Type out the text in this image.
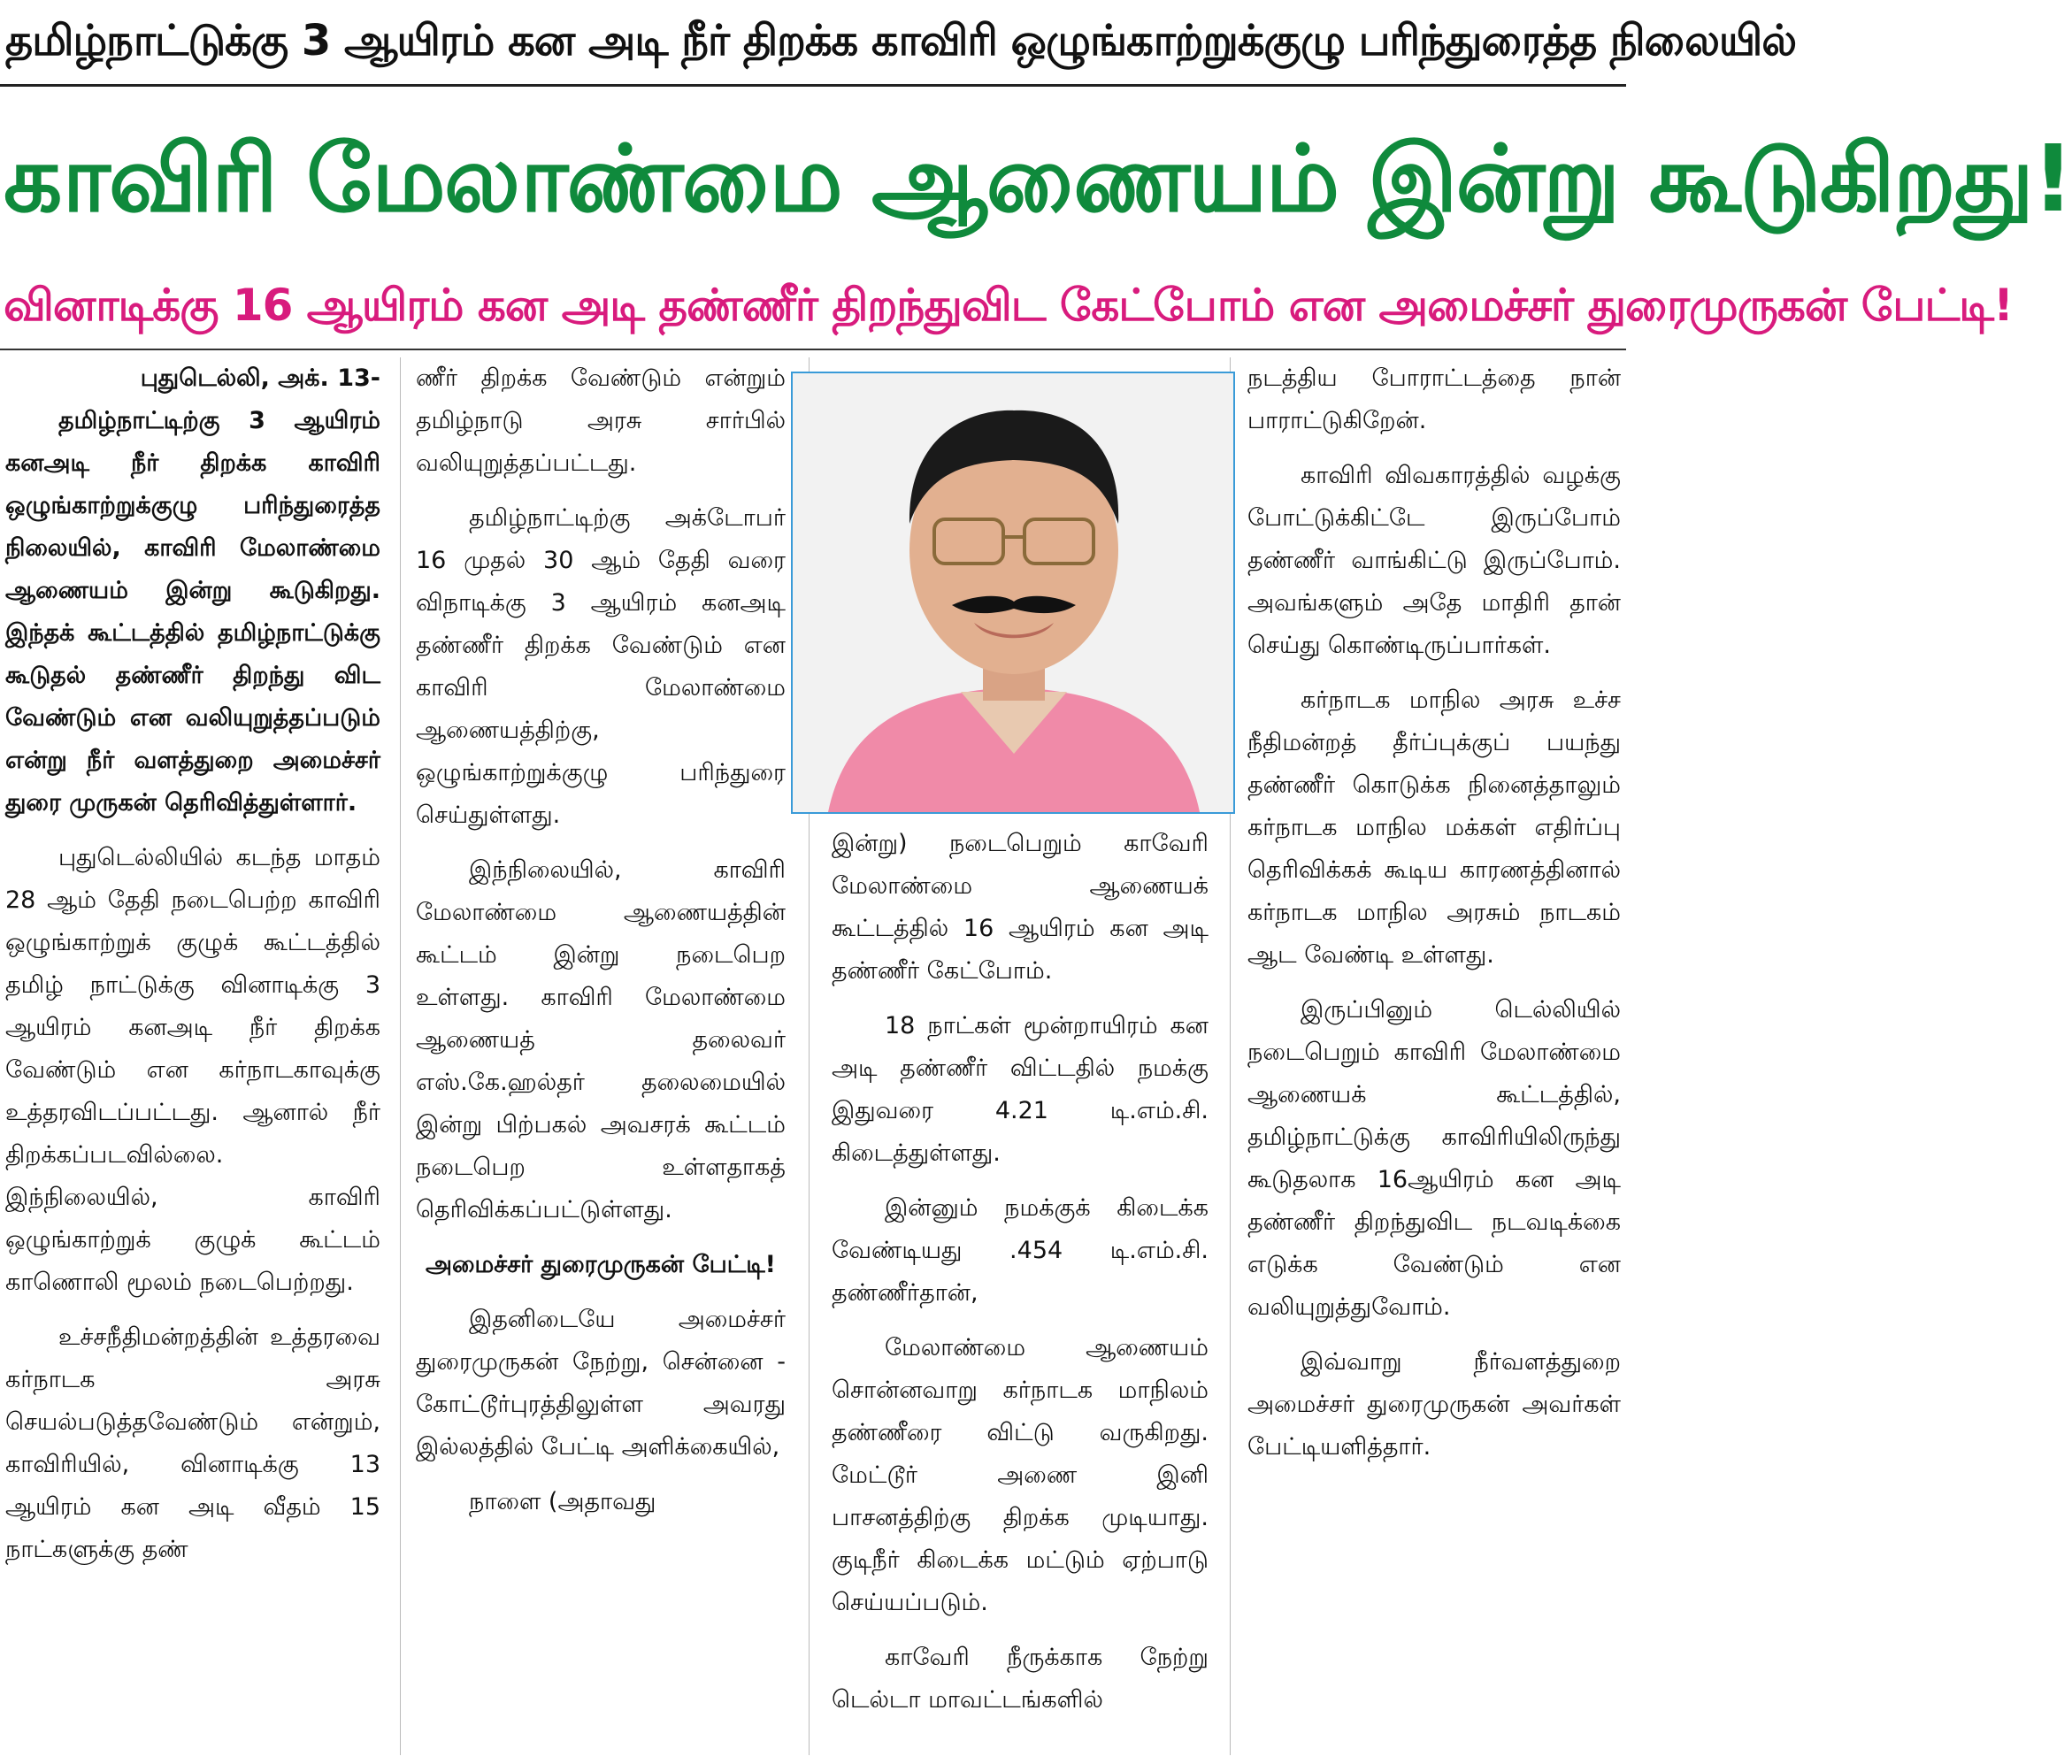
தமிழ்நாட்டுக்கு 3 ஆயிரம் கன அடி நீர் திறக்க காவிரி ஒழுங்காற்றுக்குழு பரிந்துரைத்த நிலையில்
காவிரி மேலாண்மை ஆணையம் இன்று கூடுகிறது!
வினாடிக்கு 16 ஆயிரம் கன அடி தண்ணீர் திறந்துவிட கேட்போம் என அமைச்சர் துரைமுருகன் பேட்டி!

புதுடெல்லி, அக். 13-

தமிழ்நாட்டிற்கு 3 ஆயிரம் கனஅடி நீர் திறக்க காவிரி ஒழுங்காற்றுக்குழு பரிந்துரைத்த நிலையில், காவிரி மேலாண்மை ஆணையம் இன்று கூடுகிறது. இந்தக் கூட்டத்தில் தமிழ்நாட்டுக்கு கூடுதல் தண்ணீர் திறந்து விட வேண்டும் என வலியுறுத்தப்படும் என்று நீர் வளத்துறை அமைச்சர் துரை முருகன் தெரிவித்துள்ளார்.

புதுடெல்லியில் கடந்த மாதம் 28 ஆம் தேதி நடைபெற்ற காவிரி ஒழுங்காற்றுக் குழுக் கூட்டத்தில் தமிழ் நாட்டுக்கு வினாடிக்கு 3 ஆயிரம் கனஅடி நீர் திறக்க வேண்டும் என கர்நாடகாவுக்கு உத்தரவிடப்பட்டது. ஆனால் நீர் திறக்கப்படவில்லை. இந்நிலையில், காவிரி ஒழுங்காற்றுக் குழுக் கூட்டம் காணொலி மூலம் நடைபெற்றது.

உச்சநீதிமன்றத்தின் உத்தரவை கர்நாடக அரசு செயல்படுத்தவேண்டும் என்றும், காவிரியில், வினாடிக்கு 13 ஆயிரம் கன அடி வீதம் 15 நாட்களுக்கு தண்

ணீர் திறக்க வேண்டும் என்றும் தமிழ்நாடு அரசு சார்பில் வலியுறுத்தப்பட்டது.

தமிழ்நாட்டிற்கு அக்டோபர் 16 முதல் 30 ஆம் தேதி வரை விநாடிக்கு 3 ஆயிரம் கனஅடி தண்ணீர் திறக்க வேண்டும் என காவிரி மேலாண்மை ஆணையத்திற்கு, ஒழுங்காற்றுக்குழு பரிந்துரை செய்துள்ளது.

இந்நிலையில், காவிரி மேலாண்மை ஆணையத்தின் கூட்டம் இன்று நடைபெற உள்ளது. காவிரி மேலாண்மை ஆணையத் தலைவர் எஸ்.கே.ஹல்தர் தலைமையில் இன்று பிற்பகல் அவசரக் கூட்டம் நடைபெற உள்ளதாகத் தெரிவிக்கப்பட்டுள்ளது.

அமைச்சர் துரைமுருகன் பேட்டி!

இதனிடையே அமைச்சர் துரைமுருகன் நேற்று, சென்னை - கோட்டூர்புரத்திலுள்ள அவரது இல்லத்தில் பேட்டி அளிக்கையில்,

நாளை (அதாவது

இன்று) நடைபெறும் காவேரி மேலாண்மை ஆணையக் கூட்டத்தில் 16 ஆயிரம் கன அடி தண்ணீர் கேட்போம்.

18 நாட்கள் மூன்றாயிரம் கன அடி தண்ணீர் விட்டதில் நமக்கு இதுவரை 4.21 டி.எம்.சி. கிடைத்துள்ளது.

இன்னும் நமக்குக் கிடைக்க வேண்டியது .454 டி.எம்.சி. தண்ணீர்தான்,

மேலாண்மை ஆணையம் சொன்னவாறு கர்நாடக மாநிலம் தண்ணீரை விட்டு வருகிறது. மேட்டூர் அணை இனி பாசனத்திற்கு திறக்க முடியாது. குடிநீர் கிடைக்க மட்டும் ஏற்பாடு செய்யப்படும்.

காவேரி நீருக்காக நேற்று டெல்டா மாவட்டங்களில்

நடத்திய போராட்டத்தை நான் பாராட்டுகிறேன்.

காவிரி விவகாரத்தில் வழக்கு போட்டுக்கிட்டே இருப்போம் தண்ணீர் வாங்கிட்டு இருப்போம். அவங்களும் அதே மாதிரி தான் செய்து கொண்டிருப்பார்கள்.

கர்நாடக மாநில அரசு உச்ச நீதிமன்றத் தீர்ப்புக்குப் பயந்து தண்ணீர் கொடுக்க நினைத்தாலும் கர்நாடக மாநில மக்கள் எதிர்ப்பு தெரிவிக்கக் கூடிய காரணத்தினால் கர்நாடக மாநில அரசும் நாடகம் ஆட வேண்டி உள்ளது.

இருப்பினும் டெல்லியில் நடைபெறும் காவிரி மேலாண்மை ஆணையக் கூட்டத்தில், தமிழ்நாட்டுக்கு காவிரியிலிருந்து கூடுதலாக 16ஆயிரம் கன அடி தண்ணீர் திறந்துவிட நடவடிக்கை எடுக்க வேண்டும் என வலியுறுத்துவோம்.

இவ்வாறு நீர்வளத்துறை அமைச்சர் துரைமுருகன் அவர்கள் பேட்டியளித்தார்.
